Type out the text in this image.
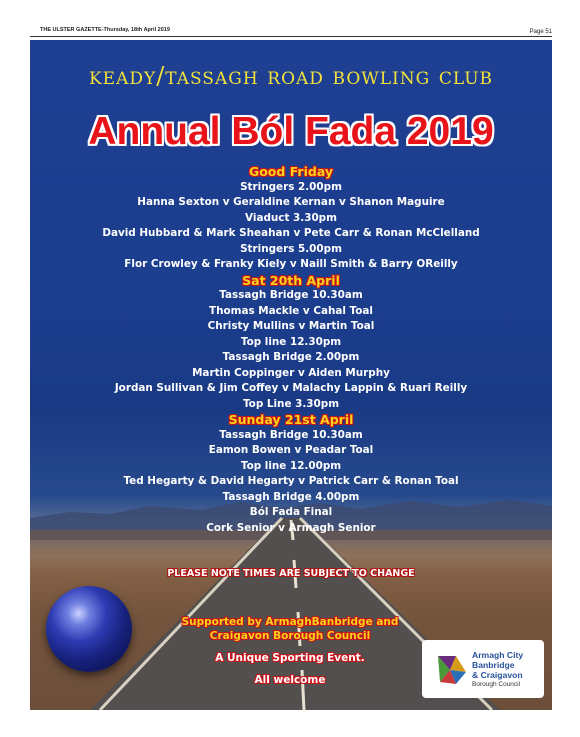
THE ULSTER GAZETTE-Thursday, 18th April 2019	Page 51
keady/tassagh road bowling club
Annual Ból Fada 2019
Good Friday
Stringers 2.00pm
Hanna Sexton v Geraldine Kernan v Shanon Maguire
Viaduct 3.30pm
David Hubbard & Mark Sheahan v Pete Carr & Ronan McClelland
Stringers 5.00pm
Flor Crowley & Franky Kiely v Naill Smith & Barry OReilly
Sat 20th April
Tassagh Bridge 10.30am
Thomas Mackle v Cahal Toal
Christy Mullins v Martin Toal
Top line 12.30pm
Tassagh Bridge 2.00pm
Martin Coppinger v Aiden Murphy
Jordan Sullivan & Jim Coffey v Malachy Lappin & Ruari Reilly
Top Line 3.30pm
Sunday 21st April
Tassagh Bridge 10.30am
Eamon Bowen v Peadar Toal
Top line 12.00pm
Ted Hegarty & David Hegarty v Patrick Carr & Ronan Toal
Tassagh Bridge 4.00pm
Ból Fada Final
Cork Senior v Armagh Senior
PLEASE NOTE TIMES ARE SUBJECT TO CHANGE
Supported by ArmaghBanbridge and
Craigavon Borough Council
A Unique Sporting Event.
All welcome
Armagh City
Banbridge
& Craigavon
Borough Council
